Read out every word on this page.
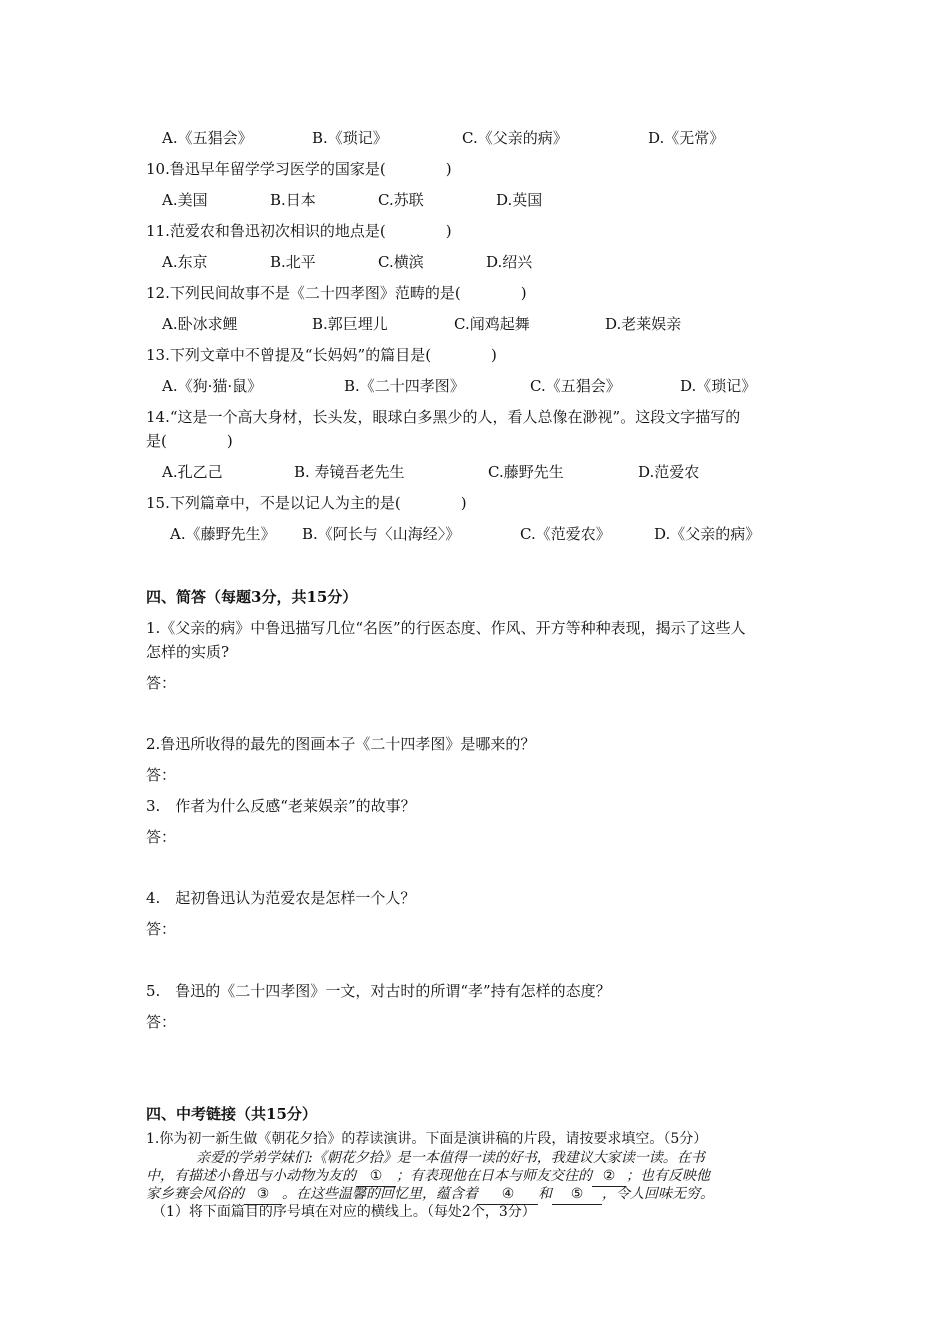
A.《五猖会》	B.《琐记》	C.《父亲的病》	D.《无常》
10.鲁迅早年留学学习医学的国家是(　　　　)
A.美国	B.日本	C.苏联	D.英国
11.范爱农和鲁迅初次相识的地点是(　　　　)
A.东京	B.北平	C.横滨	D.绍兴
12.下列民间故事不是《二十四孝图》范畴的是(　　　　)
A.卧冰求鲤	B.郭巨埋儿	C.闻鸡起舞	D.老莱娱亲
13.下列文章中不曾提及“长妈妈”的篇目是(　　　　)
A.《狗·猫·鼠》	B.《二十四孝图》	C.《五猖会》	D.《琐记》
14.“这是一个高大身材，长头发，眼球白多黑少的人，看人总像在渺视”。这段文字描写的
是(　　　　)
A.孔乙己	B. 寿镜吾老先生	C.藤野先生	D.范爱农
15.下列篇章中，不是以记人为主的是(　　　　)
A.《藤野先生》 B.《阿长与〈山海经〉》	C.《范爱农》	D.《父亲的病》
四、简答（每题3分，共15分）
1.《父亲的病》中鲁迅描写几位“名医”的行医态度、作风、开方等种种表现，揭示了这些人
怎样的实质?
答：
2.鲁迅所收得的最先的图画本子《二十四孝图》是哪来的？
答：
3.　作者为什么反感“老莱娱亲”的故事？
答：
4.　起初鲁迅认为范爱农是怎样一个人？
答：
5.　鲁迅的《二十四孝图》一文，对古时的所谓“孝”持有怎样的态度？
答：
四、中考链接（共15分）
1.你为初一新生做《朝花夕拾》的荐读演讲。下面是演讲稿的片段，请按要求填空。（5分）
亲爱的学弟学妹们:《朝花夕拾》是一本值得一读的好书，我建议大家读一读。在书
中，有描述小鲁迅与小动物为友的 ① ；有表现他在日本与师友交往的 ② ；也有反映他
家乡赛会风俗的 ③ 。在这些温馨的回忆里，蕴含着 ④ 和 ⑤ ，令人回味无穷。
（1）将下面篇目的序号填在对应的横线上。（每处2个，3分）
